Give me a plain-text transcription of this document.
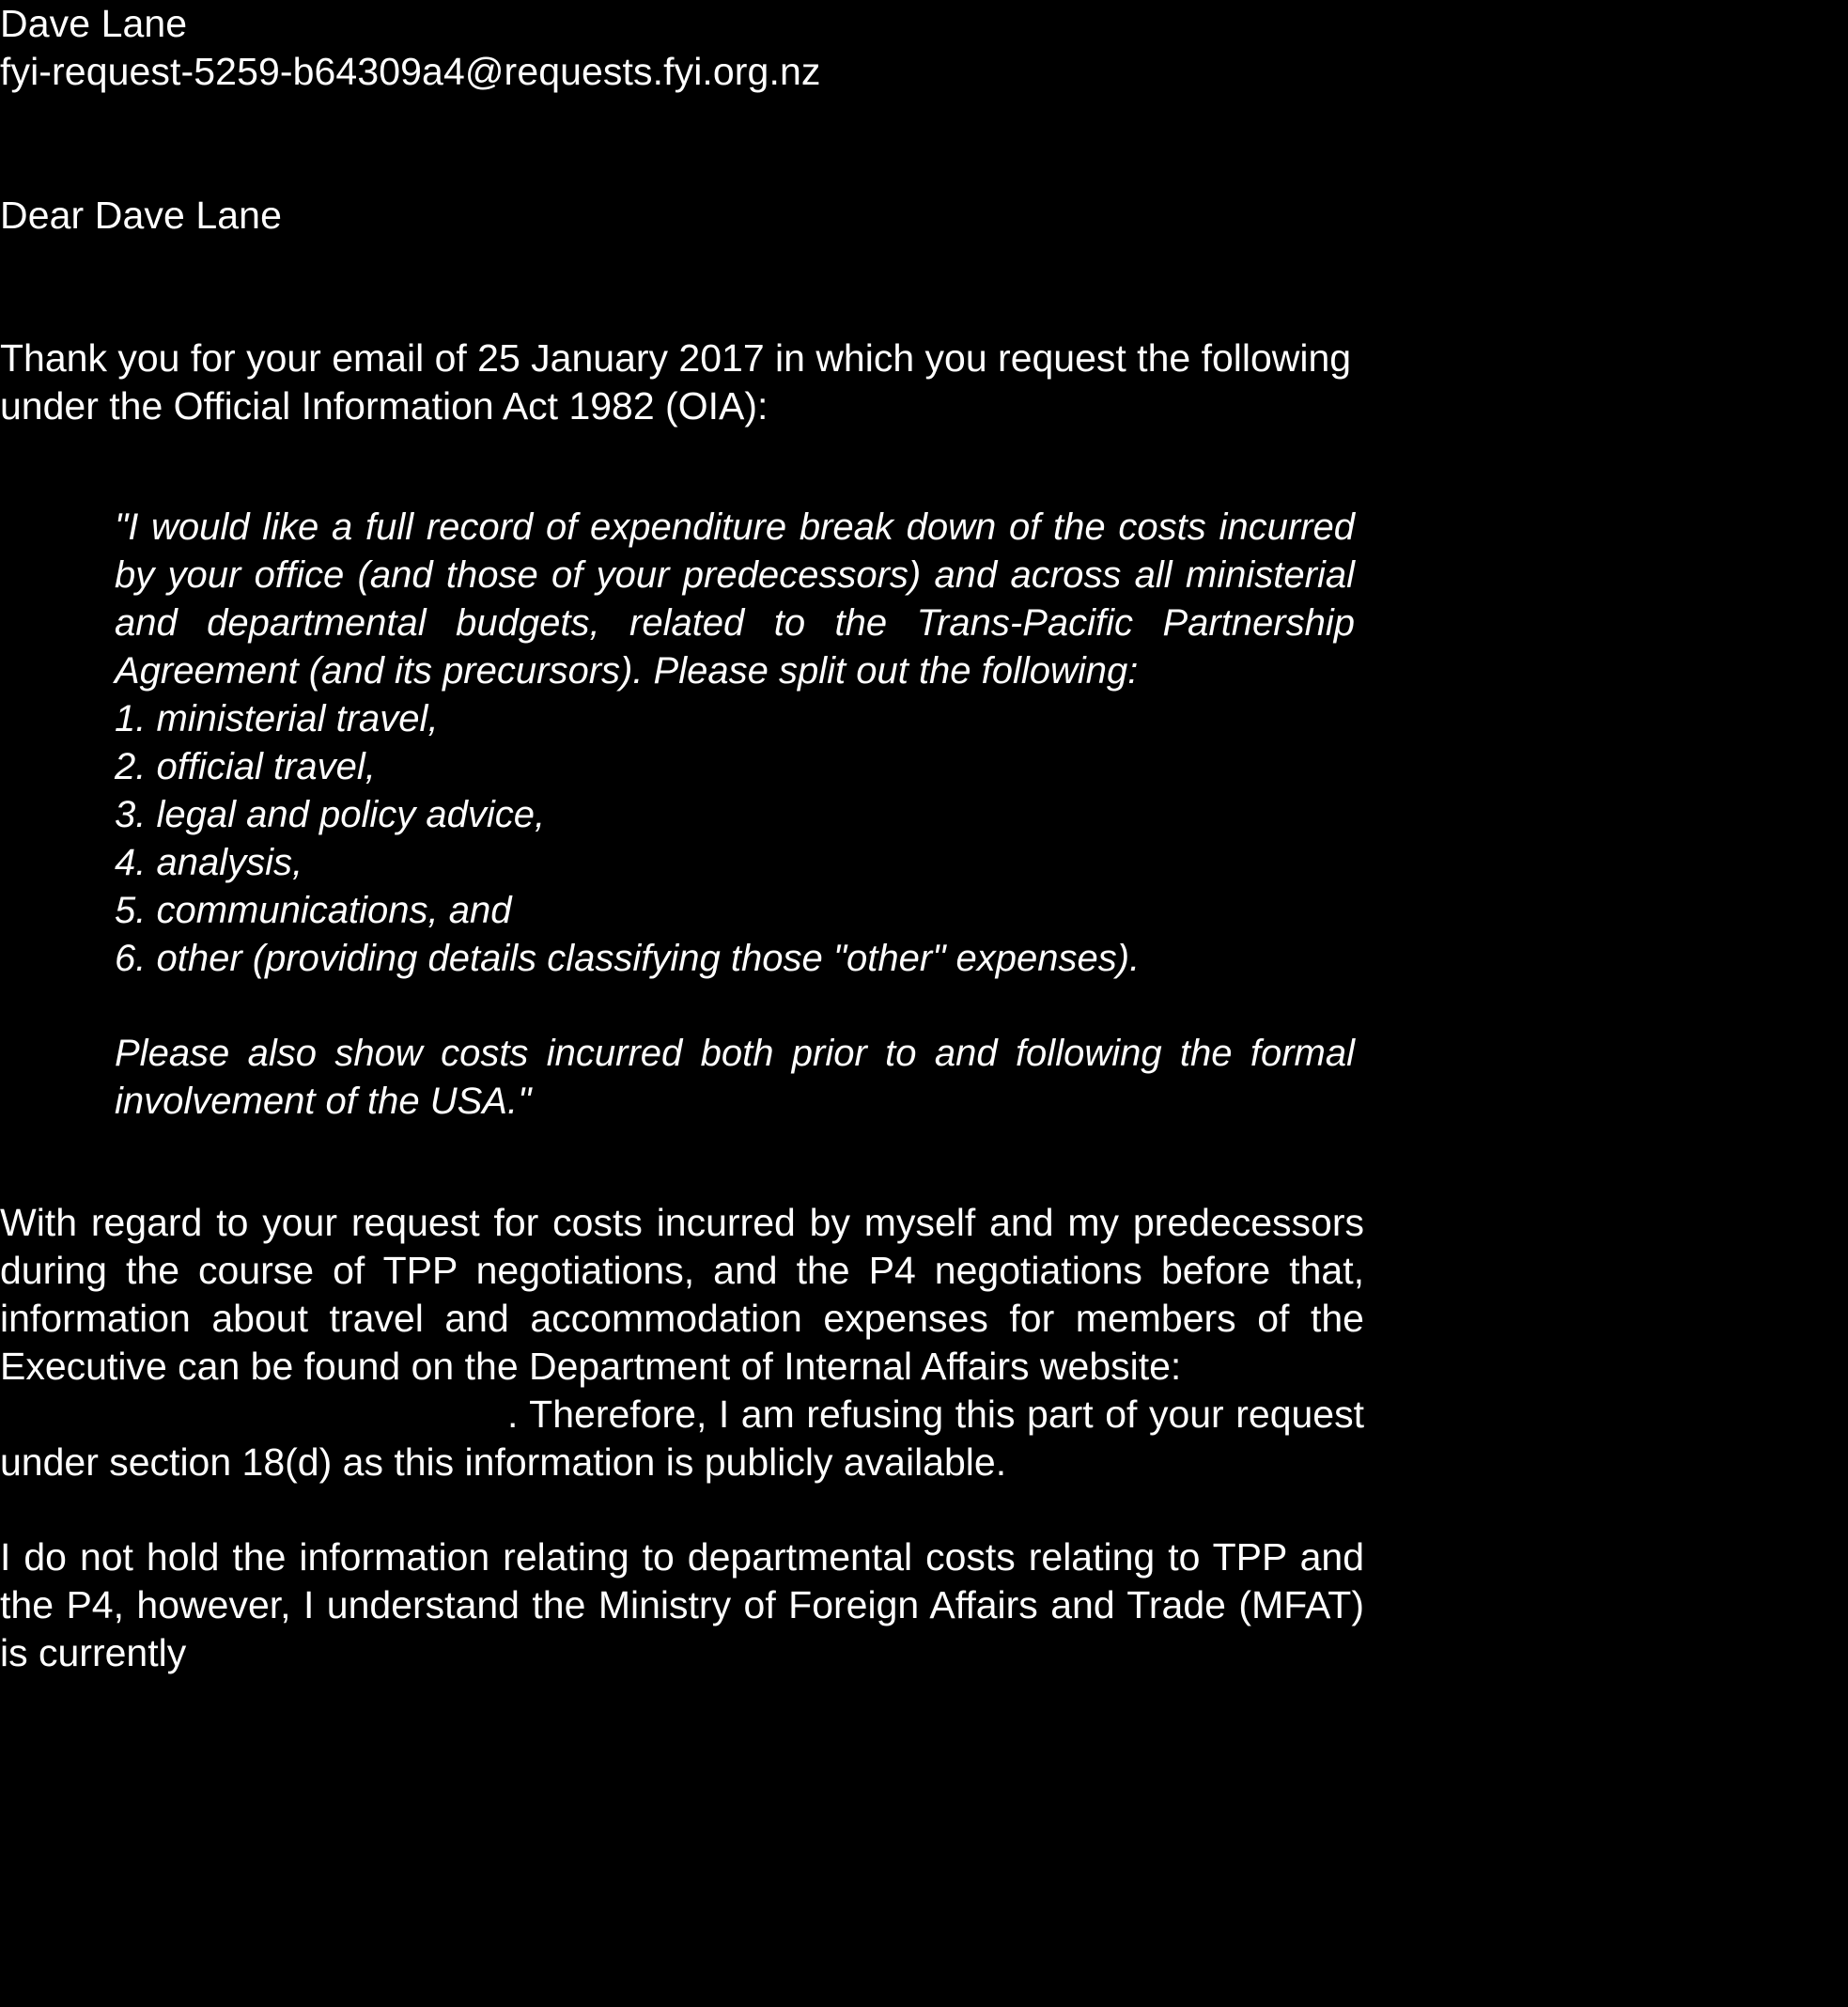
Dave Lane
fyi-request-5259-b64309a4@requests.fyi.org.nz
Dear Dave Lane
Thank you for your email of 25 January 2017 in which you request the following under the Official Information Act 1982 (OIA):
"I would like a full record of expenditure break down of the costs incurred by your office (and those of your predecessors) and across all ministerial and departmental budgets, related to the Trans-Pacific Partnership Agreement (and its precursors). Please split out the following:
1. ministerial travel,
2. official travel,
3. legal and policy advice,
4. analysis,
5. communications, and
6. other (providing details classifying those "other" expenses).
Please also show costs incurred both prior to and following the formal involvement of the USA."
With regard to your request for costs incurred by myself and my predecessors during the course of TPP negotiations, and the P4 negotiations before that, information about travel and accommodation expenses for members of the Executive can be found on the Department of Internal Affairs website:
. Therefore, I am refusing this part of your request under section 18(d) as this information is publicly available.
I do not hold the information relating to departmental costs relating to TPP and the P4, however, I understand the Ministry of Foreign Affairs and Trade (MFAT) is currently
